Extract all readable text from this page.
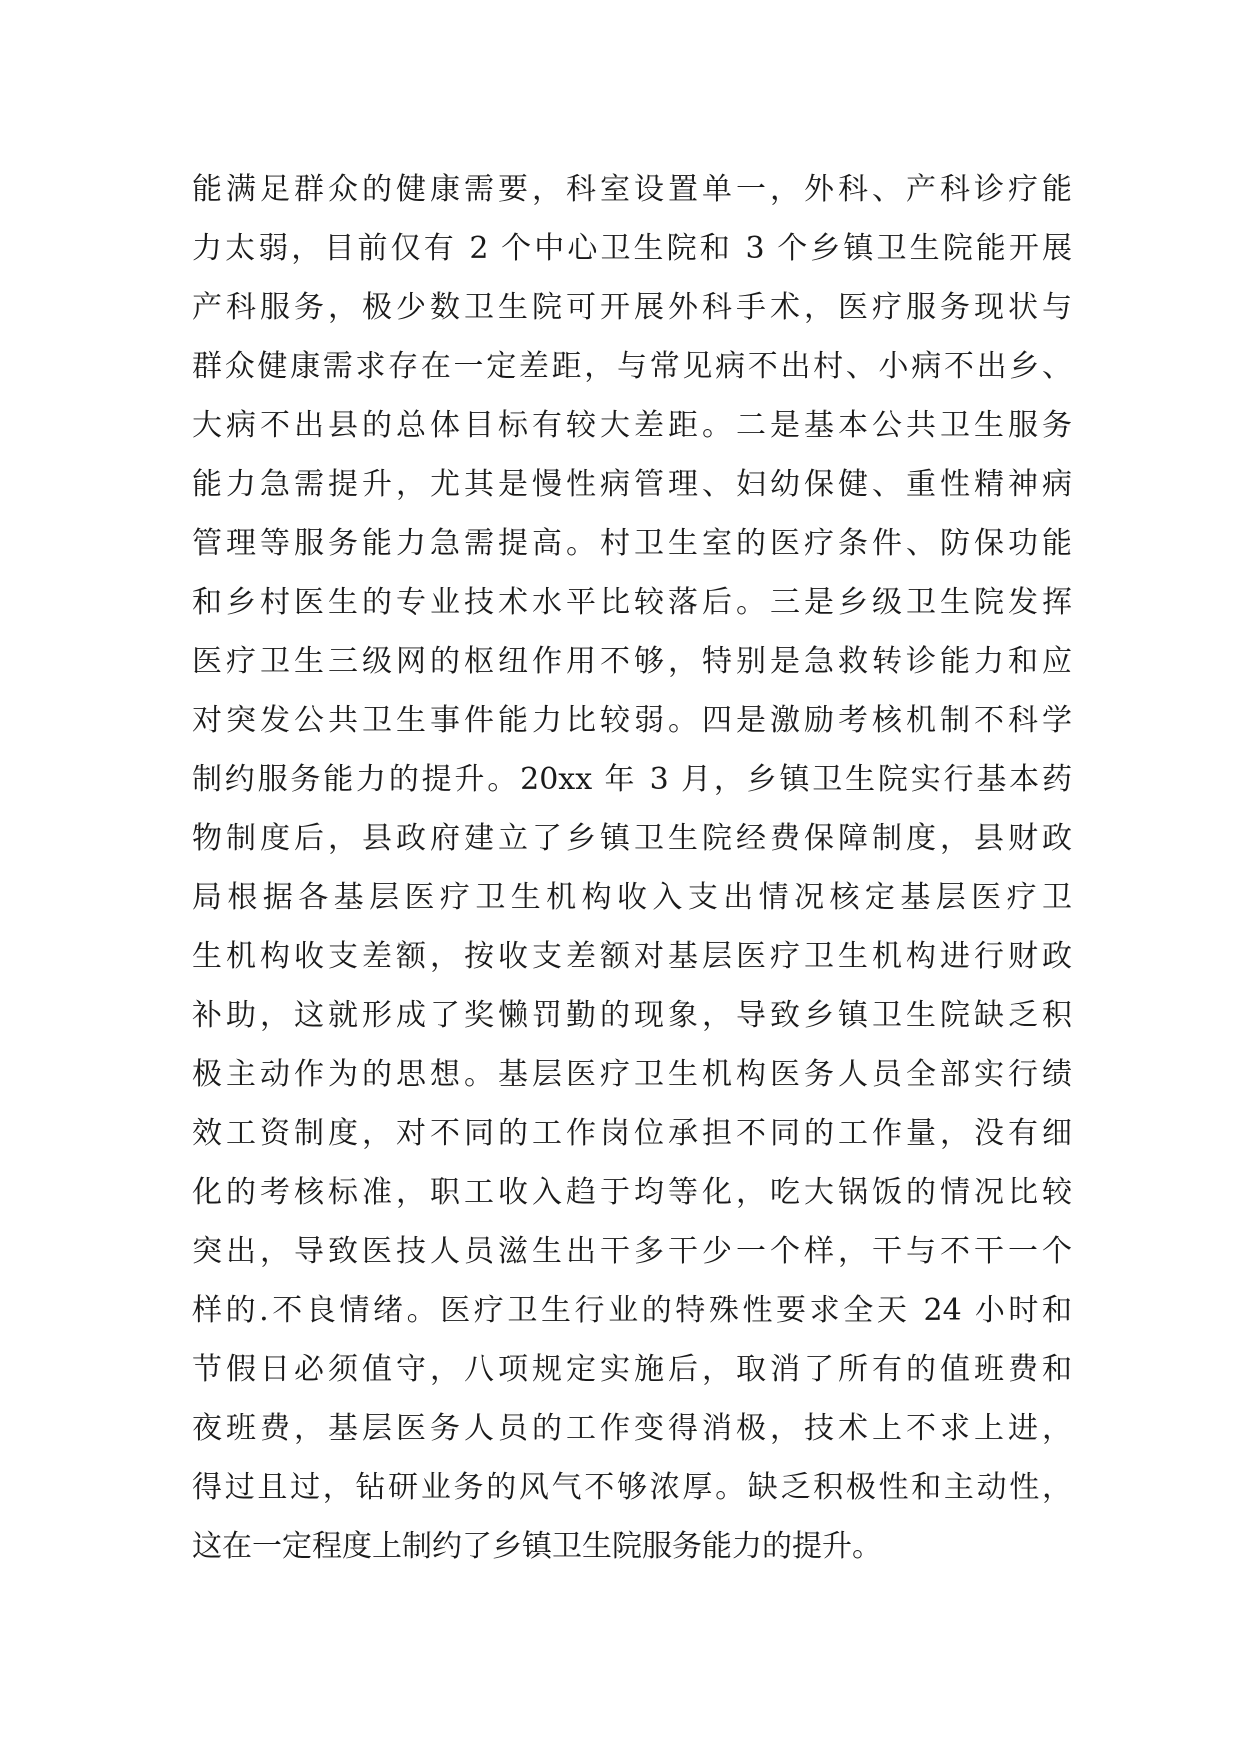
能满足群众的健康需要，科室设置单一，外科、产科诊疗能
力太弱，目前仅有 2 个中心卫生院和 3 个乡镇卫生院能开展
产科服务，极少数卫生院可开展外科手术，医疗服务现状与
群众健康需求存在一定差距，与常见病不出村、小病不出乡、
大病不出县的总体目标有较大差距。二是基本公共卫生服务
能力急需提升，尤其是慢性病管理、妇幼保健、重性精神病
管理等服务能力急需提高。村卫生室的医疗条件、防保功能
和乡村医生的专业技术水平比较落后。三是乡级卫生院发挥
医疗卫生三级网的枢纽作用不够，特别是急救转诊能力和应
对突发公共卫生事件能力比较弱。四是激励考核机制不科学
制约服务能力的提升。20xx 年 3 月，乡镇卫生院实行基本药
物制度后，县政府建立了乡镇卫生院经费保障制度，县财政
局根据各基层医疗卫生机构收入支出情况核定基层医疗卫
生机构收支差额，按收支差额对基层医疗卫生机构进行财政
补助，这就形成了奖懒罚勤的现象，导致乡镇卫生院缺乏积
极主动作为的思想。基层医疗卫生机构医务人员全部实行绩
效工资制度，对不同的工作岗位承担不同的工作量，没有细
化的考核标准，职工收入趋于均等化，吃大锅饭的情况比较
突出，导致医技人员滋生出干多干少一个样，干与不干一个
样的.不良情绪。医疗卫生行业的特殊性要求全天 24 小时和
节假日必须值守，八项规定实施后，取消了所有的值班费和
夜班费，基层医务人员的工作变得消极，技术上不求上进，
得过且过，钻研业务的风气不够浓厚。缺乏积极性和主动性，
这在一定程度上制约了乡镇卫生院服务能力的提升。
